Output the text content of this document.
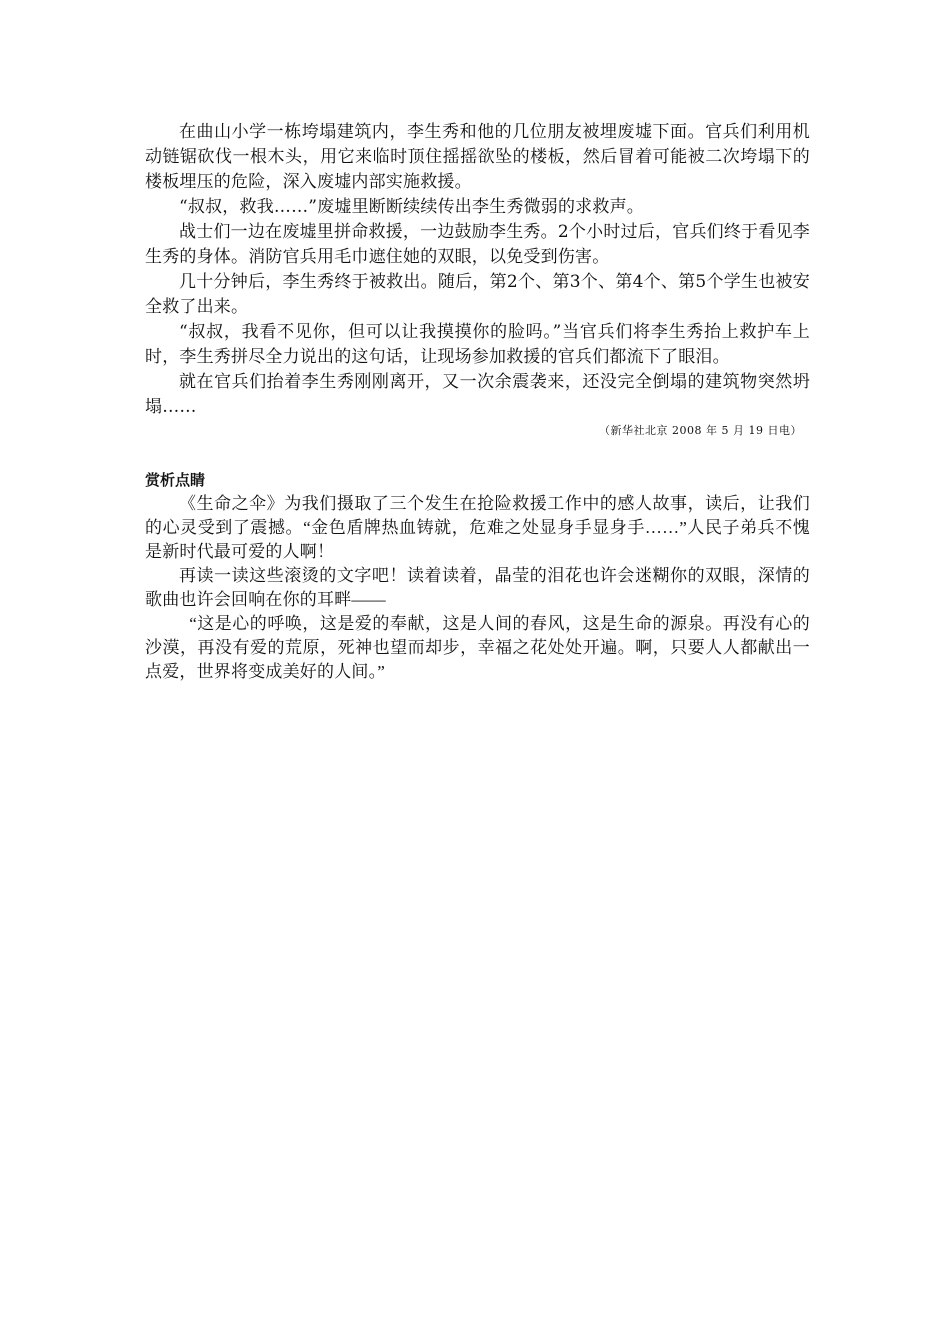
在曲山小学一栋垮塌建筑内，李生秀和他的几位朋友被埋废墟下面。官兵们利用机动链锯砍伐一根木头，用它来临时顶住摇摇欲坠的楼板，然后冒着可能被二次垮塌下的楼板埋压的危险，深入废墟内部实施救援。

“叔叔，救我……”废墟里断断续续传出李生秀微弱的求救声。

战士们一边在废墟里拼命救援，一边鼓励李生秀。2个小时过后，官兵们终于看见李生秀的身体。消防官兵用毛巾遮住她的双眼，以免受到伤害。

几十分钟后，李生秀终于被救出。随后，第2个、第3个、第4个、第5个学生也被安全救了出来。

“叔叔，我看不见你，但可以让我摸摸你的脸吗。”当官兵们将李生秀抬上救护车上时，李生秀拼尽全力说出的这句话，让现场参加救援的官兵们都流下了眼泪。

就在官兵们抬着李生秀刚刚离开，又一次余震袭来，还没完全倒塌的建筑物突然坍塌……

（新华社北京 2008 年 5 月 19 日电）

赏析点睛

《生命之伞》为我们摄取了三个发生在抢险救援工作中的感人故事，读后，让我们的心灵受到了震撼。“金色盾牌热血铸就，危难之处显身手显身手……”人民子弟兵不愧是新时代最可爱的人啊！

再读一读这些滚烫的文字吧！读着读着，晶莹的泪花也许会迷糊你的双眼，深情的歌曲也许会回响在你的耳畔——

“这是心的呼唤，这是爱的奉献，这是人间的春风，这是生命的源泉。再没有心的沙漠，再没有爱的荒原，死神也望而却步，幸福之花处处开遍。啊，只要人人都献出一点爱，世界将变成美好的人间。”
